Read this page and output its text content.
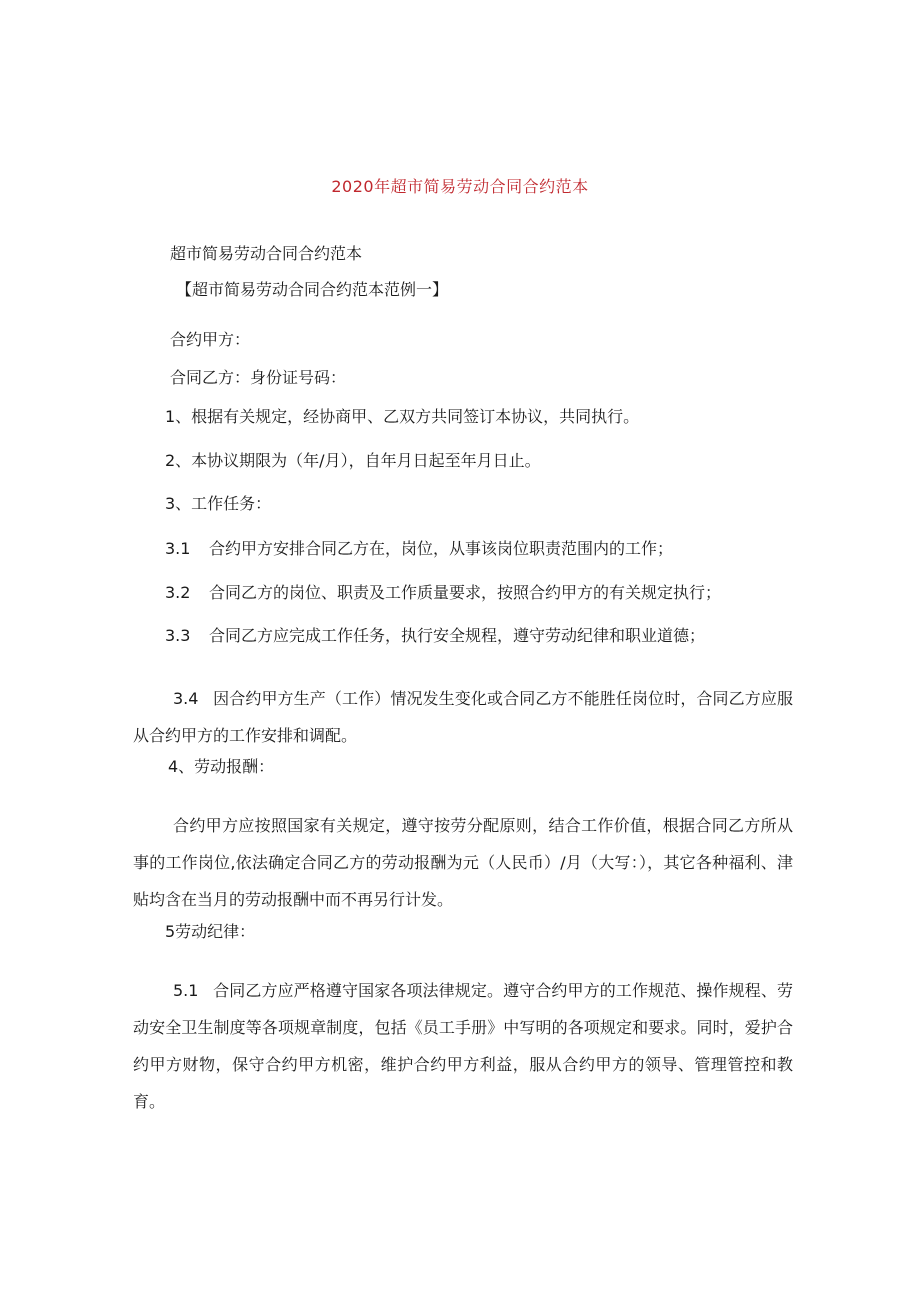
2020年超市简易劳动合同合约范本
超市简易劳动合同合约范本
【超市简易劳动合同合约范本范例一】
合约甲方：
合同乙方：身份证号码：
1、根据有关规定，经协商甲、乙双方共同签订本协议，共同执行。
2、本协议期限为（年/月），自年月日起至年月日止。
3、工作任务：
3.1 合约甲方安排合同乙方在，岗位，从事该岗位职责范围内的工作；
3.2 合同乙方的岗位、职责及工作质量要求，按照合约甲方的有关规定执行；
3.3 合同乙方应完成工作任务，执行安全规程，遵守劳动纪律和职业道德；
3.4 因合约甲方生产（工作）情况发生变化或合同乙方不能胜任岗位时，合同乙方应服从合约甲方的工作安排和调配。
4、劳动报酬：
合约甲方应按照国家有关规定，遵守按劳分配原则，结合工作价值，根据合同乙方所从事的工作岗位,依法确定合同乙方的劳动报酬为元（人民币）/月（大写：），其它各种福利、津贴均含在当月的劳动报酬中而不再另行计发。
5劳动纪律：
5.1 合同乙方应严格遵守国家各项法律规定。遵守合约甲方的工作规范、操作规程、劳动安全卫生制度等各项规章制度，包括《员工手册》中写明的各项规定和要求。同时，爱护合约甲方财物，保守合约甲方机密，维护合约甲方利益，服从合约甲方的领导、管理管控和教育。
